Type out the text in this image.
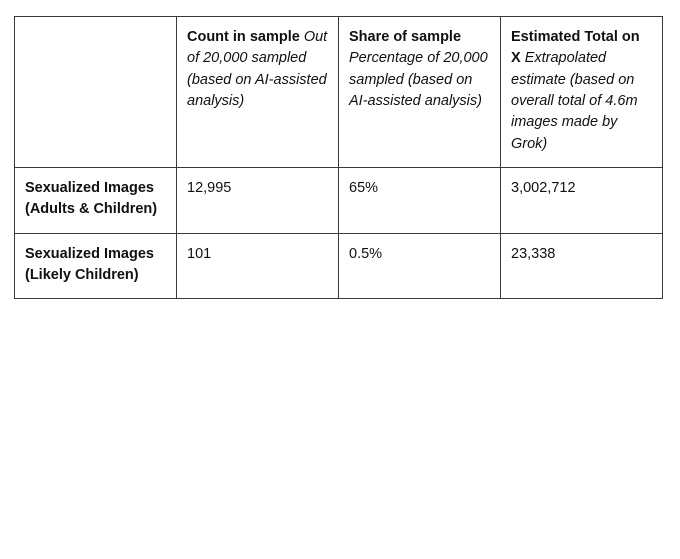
	Count in sample Out of 20,000 sampled (based on AI-assisted analysis)	Share of sample Percentage of 20,000 sampled (based on AI-assisted analysis)	Estimated Total on X Extrapolated estimate (based on overall total of 4.6m images made by Grok)
Sexualized Images (Adults & Children)	12,995	65%	3,002,712
Sexualized Images (Likely Children)	101	0.5%	23,338
